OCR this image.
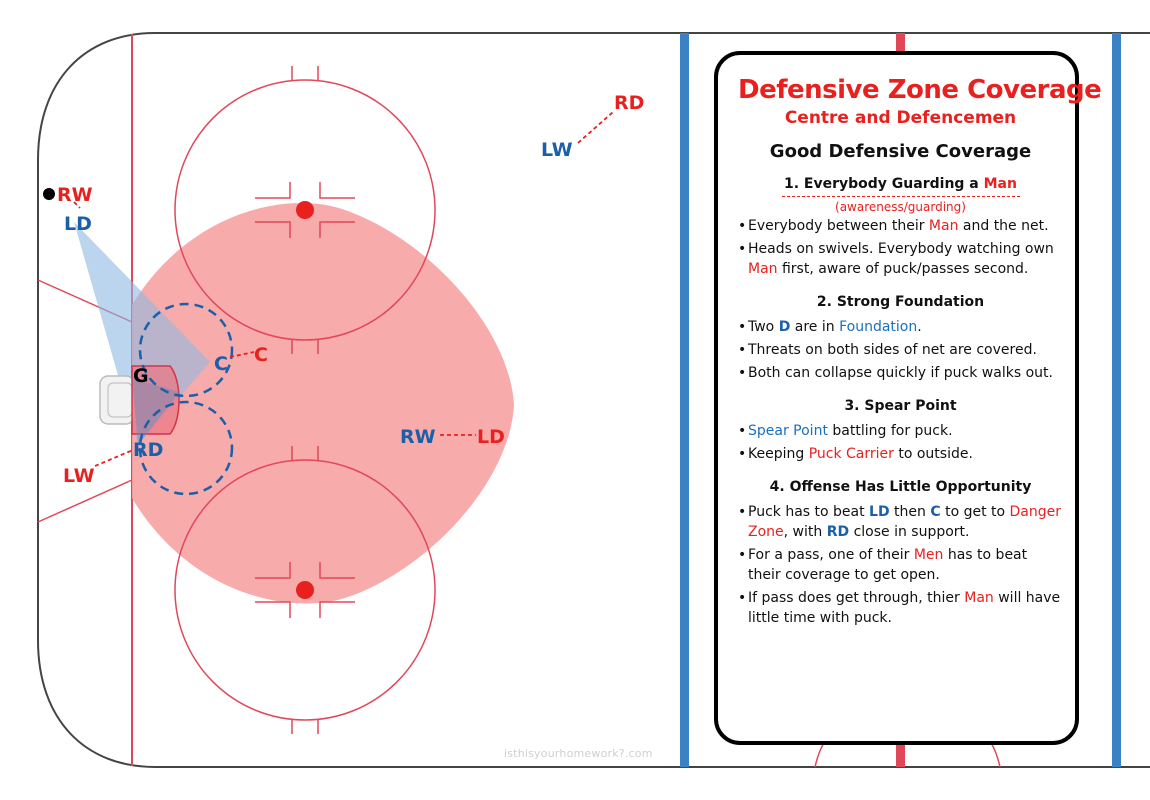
RD
LW
RW
LD
C C
G
RW LD
RD
LW
isthisyourhomework?.com
Defensive Zone Coverage
Centre and Defencemen
Good Defensive Coverage
1. Everybody Guarding a Man
(awareness/guarding)
• Everybody between their Man and the net.
• Heads on swivels. Everybody watching own Man first, aware of puck/passes second.
2. Strong Foundation
• Two D are in Foundation.
• Threats on both sides of net are covered.
• Both can collapse quickly if puck walks out.
3. Spear Point
• Spear Point battling for puck.
• Keeping Puck Carrier to outside.
4. Offense Has Little Opportunity
• Puck has to beat LD then C to get to Danger Zone, with RD close in support.
• For a pass, one of their Men has to beat their coverage to get open.
• If pass does get through, thier Man will have little time with puck.
